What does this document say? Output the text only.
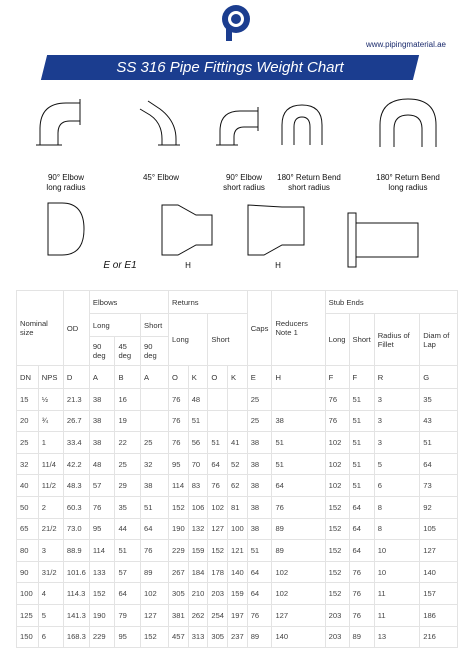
www.pipingmaterial.ae
SS 316 Pipe Fittings Weight Chart
90° Elbow
long radius
45° Elbow	90° Elbow
short radius
180° Return Bend
short radius
180° Return Bend
long radius
E or E1	H	H
Nominal size		OD	Elbows			Returns				Caps	Reducers Note 1	Stub Ends			
			Long		Short	Long		Short				Long	Short	Radius of Fillet	Diam of Lap
			90 deg	45 deg	90 deg										
DN	NPS	D	A	B	A	O	K	O	K	E	H	F	F	R	G
15	½	21.3	38	16		76	48			25		76	51	3	35
20	¾	26.7	38	19		76	51			25	38	76	51	3	43
25	1	33.4	38	22	25	76	56	51	41	38	51	102	51	3	51
32	11/4	42.2	48	25	32	95	70	64	52	38	51	102	51	5	64
40	11/2	48.3	57	29	38	114	83	76	62	38	64	102	51	6	73
50	2	60.3	76	35	51	152	106	102	81	38	76	152	64	8	92
65	21/2	73.0	95	44	64	190	132	127	100	38	89	152	64	8	105
80	3	88.9	114	51	76	229	159	152	121	51	89	152	64	10	127
90	31/2	101.6	133	57	89	267	184	178	140	64	102	152	76	10	140
100	4	114.3	152	64	102	305	210	203	159	64	102	152	76	11	157
125	5	141.3	190	79	127	381	262	254	197	76	127	203	76	11	186
150	6	168.3	229	95	152	457	313	305	237	89	140	203	89	13	216
